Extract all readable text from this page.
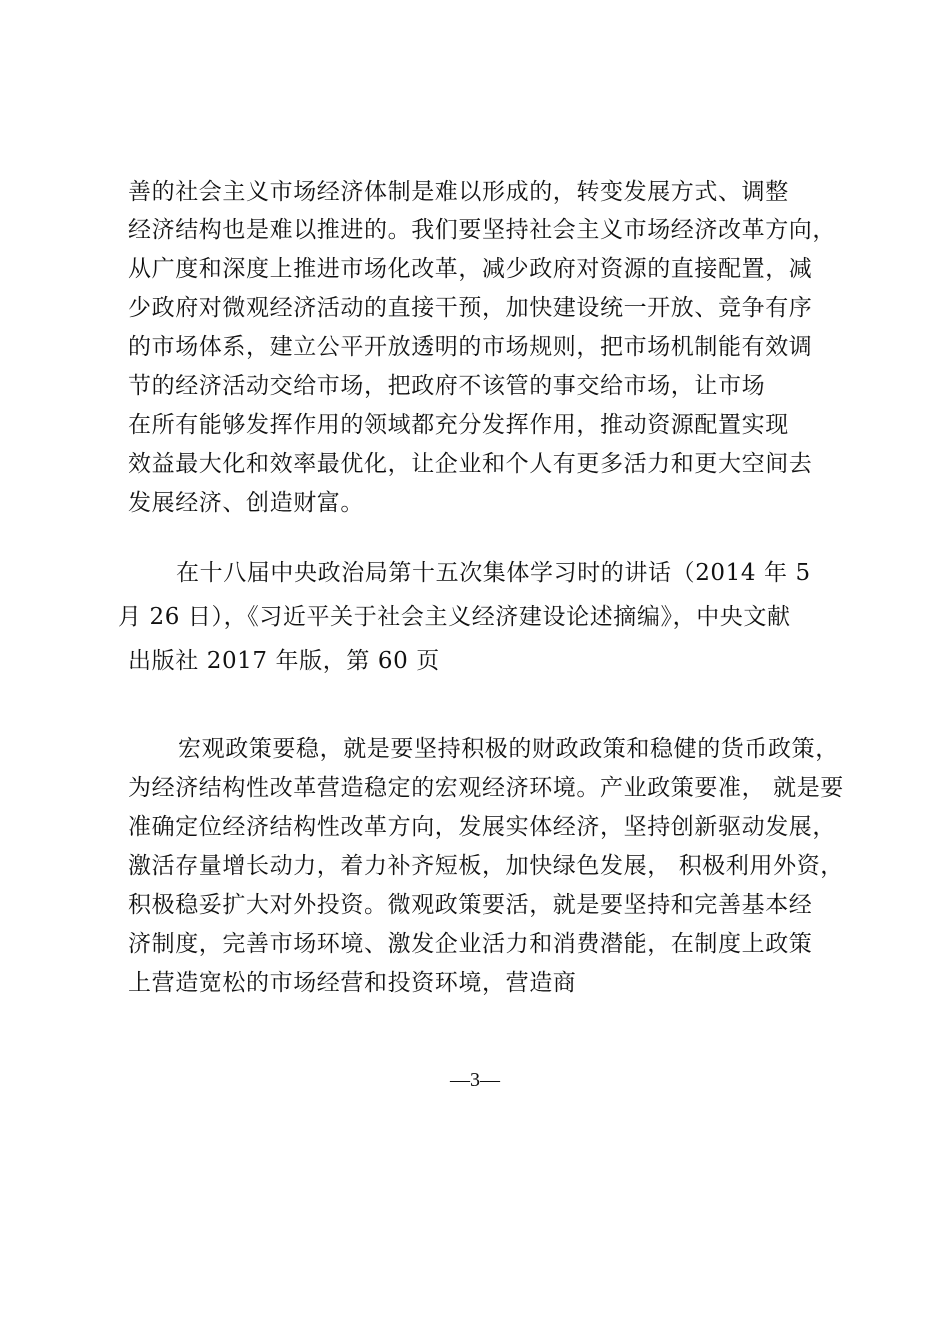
善的社会主义市场经济体制是难以形成的，转变发展方式、调整
经济结构也是难以推进的。我们要坚持社会主义市场经济改革方向，
从广度和深度上推进市场化改革，减少政府对资源的直接配置，减
少政府对微观经济活动的直接干预，加快建设统一开放、竞争有序
的市场体系，建立公平开放透明的市场规则，把市场机制能有效调
节的经济活动交给市场，把政府不该管的事交给市场，让市场
在所有能够发挥作用的领域都充分发挥作用，推动资源配置实现
效益最大化和效率最优化，让企业和个人有更多活力和更大空间去
发展经济、创造财富。
在十八届中央政治局第十五次集体学习时的讲话（2014 年 5
月 26 日），《习近平关于社会主义经济建设论述摘编》，中央文献
出版社 2017 年版，第 60 页
宏观政策要稳，就是要坚持积极的财政政策和稳健的货币政策，
为经济结构性改革营造稳定的宏观经济环境。产业政策要准， 就是要
准确定位经济结构性改革方向，发展实体经济，坚持创新驱动发展，
激活存量增长动力，着力补齐短板，加快绿色发展， 积极利用外资，
积极稳妥扩大对外投资。微观政策要活，就是要坚持和完善基本经
济制度，完善市场环境、激发企业活力和消费潜能，在制度上政策
上营造宽松的市场经营和投资环境，营造商
—3—
